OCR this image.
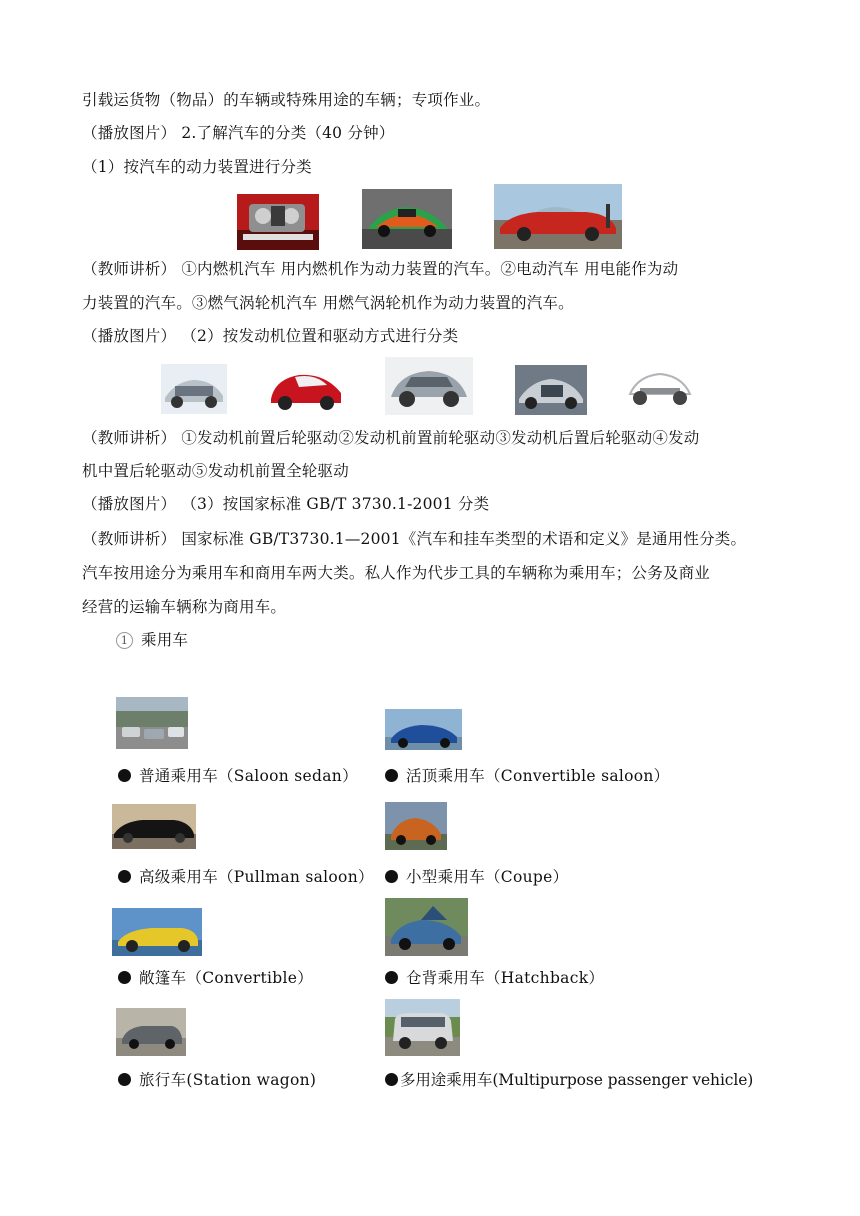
引载运货物（物品）的车辆或特殊用途的车辆；专项作业。
（播放图片） 2.了解汽车的分类（40 分钟）
（1）按汽车的动力装置进行分类
（教师讲析） ①内燃机汽车 用内燃机作为动力装置的汽车。②电动汽车 用电能作为动
力装置的汽车。③燃气涡轮机汽车 用燃气涡轮机作为动力装置的汽车。
（播放图片） （2）按发动机位置和驱动方式进行分类
（教师讲析） ①发动机前置后轮驱动②发动机前置前轮驱动③发动机后置后轮驱动④发动
机中置后轮驱动⑤发动机前置全轮驱动
（播放图片） （3）按国家标准 GB/T 3730.1-2001 分类
（教师讲析） 国家标准 GB/T3730.1—2001《汽车和挂车类型的术语和定义》是通用性分类。
汽车按用途分为乘用车和商用车两大类。私人作为代步工具的车辆称为乘用车；公务及商业
经营的运输车辆称为商用车。
1 乘用车
普通乘用车（Saloon sedan）	活顶乘用车（Convertible saloon）
高级乘用车（Pullman saloon）	小型乘用车（Coupe）
敞篷车（Convertible）	仓背乘用车（Hatchback）
旅行车(Station wagon)	多用途乘用车(Multipurpose passenger vehicle)
